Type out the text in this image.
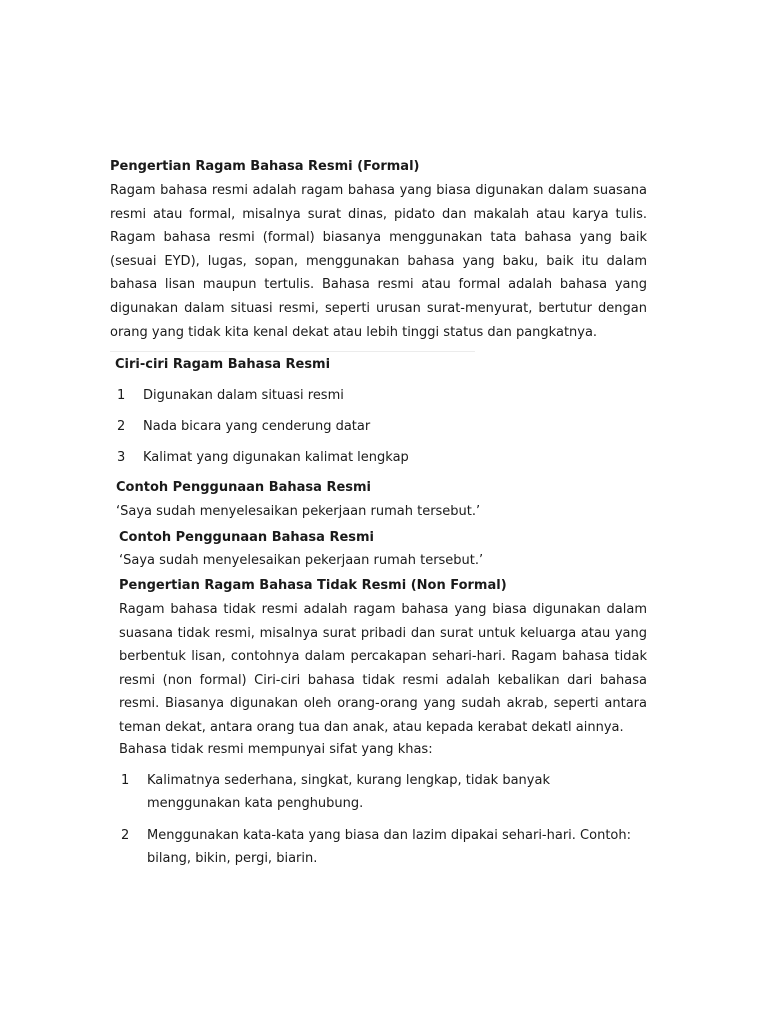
Pengertian Ragam Bahasa Resmi (Formal)

Ragam bahasa resmi adalah ragam bahasa yang biasa digunakan dalam suasana resmi atau formal, misalnya surat dinas, pidato dan makalah atau karya tulis. Ragam bahasa resmi (formal) biasanya menggunakan tata bahasa yang baik (sesuai EYD), lugas, sopan, menggunakan bahasa yang baku, baik itu dalam bahasa lisan maupun tertulis. Bahasa resmi atau formal adalah bahasa yang digunakan dalam situasi resmi, seperti urusan surat-menyurat, bertutur dengan orang yang tidak kita kenal dekat atau lebih tinggi status dan pangkatnya.

Ciri-ciri Ragam Bahasa Resmi
1	Digunakan dalam situasi resmi
2	Nada bicara yang cenderung datar
3	Kalimat yang digunakan kalimat lengkap
Contoh Penggunaan Bahasa Resmi

‘Saya sudah menyelesaikan pekerjaan rumah tersebut.’

Contoh Penggunaan Bahasa Resmi

‘Saya sudah menyelesaikan pekerjaan rumah tersebut.’

Pengertian Ragam Bahasa Tidak Resmi (Non Formal)

Ragam bahasa tidak resmi adalah ragam bahasa yang biasa digunakan dalam suasana tidak resmi, misalnya surat pribadi dan surat untuk keluarga atau yang berbentuk lisan, contohnya dalam percakapan sehari-hari. Ragam bahasa tidak resmi (non formal) Ciri-ciri bahasa tidak resmi adalah kebalikan dari bahasa resmi. Biasanya digunakan oleh orang-orang yang sudah akrab, seperti antara teman dekat, antara orang tua dan anak, atau kepada kerabat dekatl ainnya.

Bahasa tidak resmi mempunyai sifat yang khas:

1	Kalimatnya sederhana, singkat, kurang lengkap, tidak banyak menggunakan kata penghubung.
2	Menggunakan kata-kata yang biasa dan lazim dipakai sehari-hari. Contoh: bilang, bikin, pergi, biarin.
